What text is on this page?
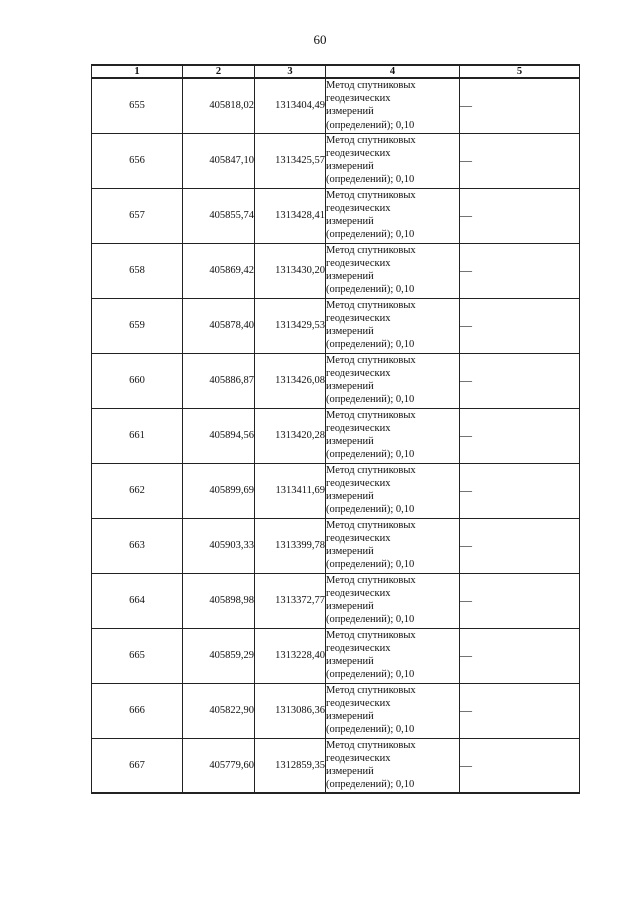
60
1	2	3	4	5
655	405818,02	1313404,49	Метод спутниковых
геодезических
измерений
(определений); 0,10	—
656	405847,10	1313425,57	Метод спутниковых
геодезических
измерений
(определений); 0,10	—
657	405855,74	1313428,41	Метод спутниковых
геодезических
измерений
(определений); 0,10	—
658	405869,42	1313430,20	Метод спутниковых
геодезических
измерений
(определений); 0,10	—
659	405878,40	1313429,53	Метод спутниковых
геодезических
измерений
(определений); 0,10	—
660	405886,87	1313426,08	Метод спутниковых
геодезических
измерений
(определений); 0,10	—
661	405894,56	1313420,28	Метод спутниковых
геодезических
измерений
(определений); 0,10	—
662	405899,69	1313411,69	Метод спутниковых
геодезических
измерений
(определений); 0,10	—
663	405903,33	1313399,78	Метод спутниковых
геодезических
измерений
(определений); 0,10	—
664	405898,98	1313372,77	Метод спутниковых
геодезических
измерений
(определений); 0,10	—
665	405859,29	1313228,40	Метод спутниковых
геодезических
измерений
(определений); 0,10	—
666	405822,90	1313086,36	Метод спутниковых
геодезических
измерений
(определений); 0,10	—
667	405779,60	1312859,35	Метод спутниковых
геодезических
измерений
(определений); 0,10	—
